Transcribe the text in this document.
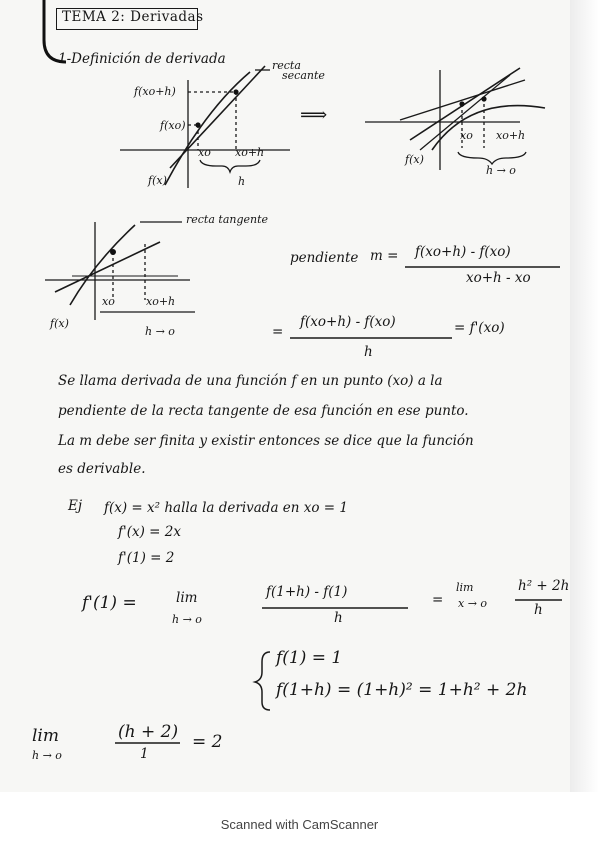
TEMA 2: Derivadas
1-Definición de derivada
f(xo+h)
f(xo)
f(x)
xo xo+h
h
recta
secante
⟹
xo xo+h
f(x)
h → o
recta tangente
xo	xo+h
f(x)
h → o
pendiente m = f(xo+h) - f(xo)
xo+h - xo
=
f(xo+h) - f(xo)
h
= f'(xo)
Se llama derivada de una función f en un punto (xo) a la
pendiente de la recta tangente de esa función en ese punto.
La m debe ser finita y existir entonces se dice que la función
es derivable.
Ej f(x) = x² halla la derivada en xo = 1
f'(x) = 2x
f'(1) = 2
f'(1) =	lim
h → o
f(1+h) - f(1)
h
=
lim
x → o
h² + 2h
h
f(1) = 1
f(1+h) = (1+h)² = 1+h² + 2h
lim
h → o
(h + 2)
1
= 2
Scanned with CamScanner
